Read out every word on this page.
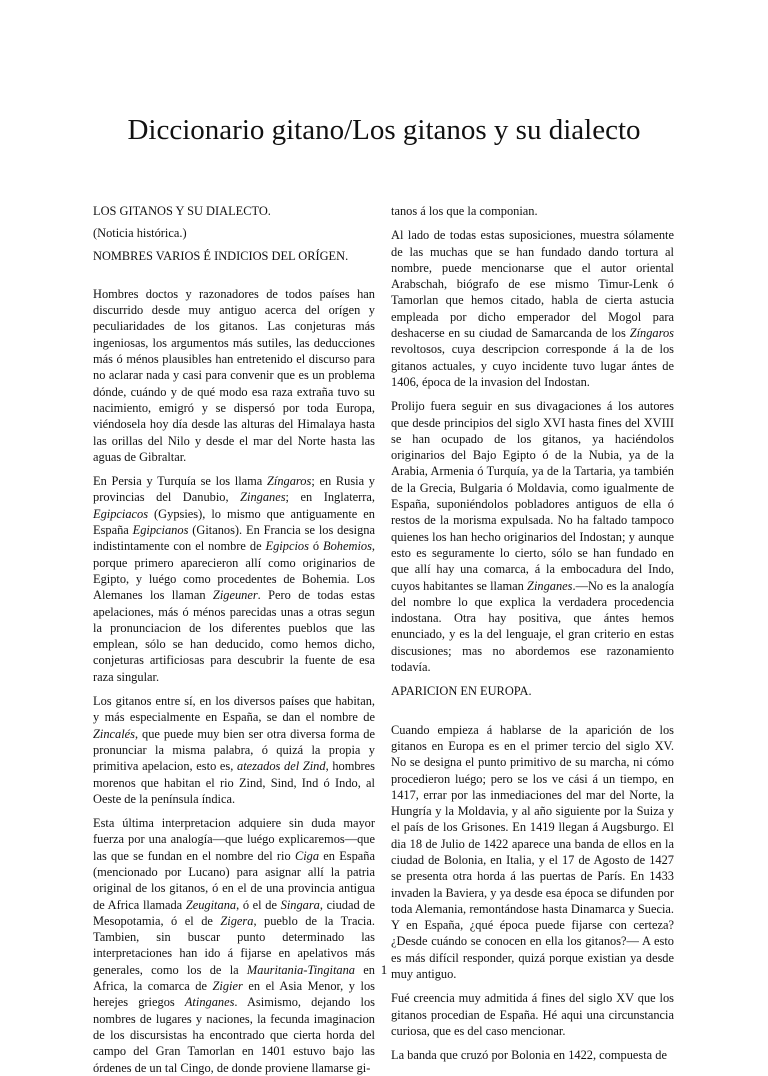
Diccionario gitano/Los gitanos y su dialecto

LOS GITANOS Y SU DIALECTO.

(Noticia histórica.)

NOMBRES VARIOS É INDICIOS DEL ORÍGEN.

Hombres doctos y razonadores de todos países han discurrido desde muy antiguo acerca del orígen y peculiaridades de los gitanos. Las conjeturas más ingeniosas, los argumentos más sutiles, las deducciones más ó ménos plausibles han entretenido el discurso para no aclarar nada y casi para convenir que es un problema dónde, cuándo y de qué modo esa raza extraña tuvo su nacimiento, emigró y se dispersó por toda Europa, viéndosela hoy día desde las alturas del Himalaya hasta las orillas del Nilo y desde el mar del Norte hasta las aguas de Gibraltar.

En Persia y Turquía se los llama Zíngaros; en Rusia y provincias del Danubio, Zinganes; en Inglaterra, Egipciacos (Gypsies), lo mismo que antiguamente en España Egipcianos (Gitanos). En Francia se los designa indistintamente con el nombre de Egipcios ó Bohemios, porque primero aparecieron allí como originarios de Egipto, y luégo como procedentes de Bohemia. Los Alemanes los llaman Zigeuner. Pero de todas estas apelaciones, más ó ménos parecidas unas a otras segun la pronunciacion de los diferentes pueblos que las emplean, sólo se han deducido, como hemos dicho, conjeturas artificiosas para descubrir la fuente de esa raza singular.

Los gitanos entre sí, en los diversos países que habitan, y más especialmente en España, se dan el nombre de Zincalés, que puede muy bien ser otra diversa forma de pronunciar la misma palabra, ó quizá la propia y primitiva apelacion, esto es, atezados del Zind, hombres morenos que habitan el rio Zind, Sind, Ind ó Indo, al Oeste de la península índica.

Esta última interpretacion adquiere sin duda mayor fuerza por una analogía—que luégo explicaremos—que las que se fundan en el nombre del rio Ciga en España (mencionado por Lucano) para asignar allí la patria original de los gitanos, ó en el de una provincia antigua de Africa llamada Zeugitana, ó el de Singara, ciudad de Mesopotamia, ó el de Zigera, pueblo de la Tracia. Tambien, sin buscar punto determinado las interpretaciones han ido á fijarse en apelativos más generales, como los de la Mauritania-Tingitana en Africa, la comarca de Zigier en el Asia Menor, y los herejes griegos Atinganes. Asimismo, dejando los nombres de lugares y naciones, la fecunda imaginacion de los discursistas ha encontrado que cierta horda del campo del Gran Tamorlan en 1401 estuvo bajo las órdenes de un tal Cingo, de donde proviene llamarse gi-

tanos á los que la componian.

Al lado de todas estas suposiciones, muestra sólamente de las muchas que se han fundado dando tortura al nombre, puede mencionarse que el autor oriental Arabschah, biógrafo de ese mismo Timur-Lenk ó Tamorlan que hemos citado, habla de cierta astucia empleada por dicho emperador del Mogol para deshacerse en su ciudad de Samarcanda de los Zíngaros revoltosos, cuya descripcion corresponde á la de los gitanos actuales, y cuyo incidente tuvo lugar ántes de 1406, época de la invasion del Indostan.

Prolijo fuera seguir en sus divagaciones á los autores que desde principios del siglo XVI hasta fines del XVIII se han ocupado de los gitanos, ya haciéndolos originarios del Bajo Egipto ó de la Nubia, ya de la Arabia, Armenia ó Turquía, ya de la Tartaria, ya también de la Grecia, Bulgaria ó Moldavia, como igualmente de España, suponiéndolos pobladores antiguos de ella ó restos de la morisma expulsada. No ha faltado tampoco quienes los han hecho originarios del Indostan; y aunque esto es seguramente lo cierto, sólo se han fundado en que allí hay una comarca, á la embocadura del Indo, cuyos habitantes se llaman Zinganes.—No es la analogía del nombre lo que explica la verdadera procedencia indostana. Otra hay positiva, que ántes hemos enunciado, y es la del lenguaje, el gran criterio en estas discusiones; mas no abordemos ese razonamiento todavía.

APARICION EN EUROPA.

Cuando empieza á hablarse de la aparición de los gitanos en Europa es en el primer tercio del siglo XV. No se designa el punto primitivo de su marcha, ni cómo procedieron luégo; pero se los ve cási á un tiempo, en 1417, errar por las inmediaciones del mar del Norte, la Hungría y la Moldavia, y al año siguiente por la Suiza y el país de los Grisones. En 1419 llegan á Augsburgo. El dia 18 de Julio de 1422 aparece una banda de ellos en la ciudad de Bolonia, en Italia, y el 17 de Agosto de 1427 se presenta otra horda á las puertas de París. En 1433 invaden la Baviera, y ya desde esa época se difunden por toda Alemania, remontándose hasta Dinamarca y Suecia. Y en España, ¿qué época puede fijarse con certeza? ¿Desde cuándo se conocen en ella los gitanos?— A esto es más difícil responder, quizá porque existian ya desde muy antiguo.

Fué creencia muy admitida á fines del siglo XV que los gitanos procedian de España. Hé aqui una circunstancia curiosa, que es del caso mencionar.

La banda que cruzó por Bolonia en 1422, compuesta de

1
